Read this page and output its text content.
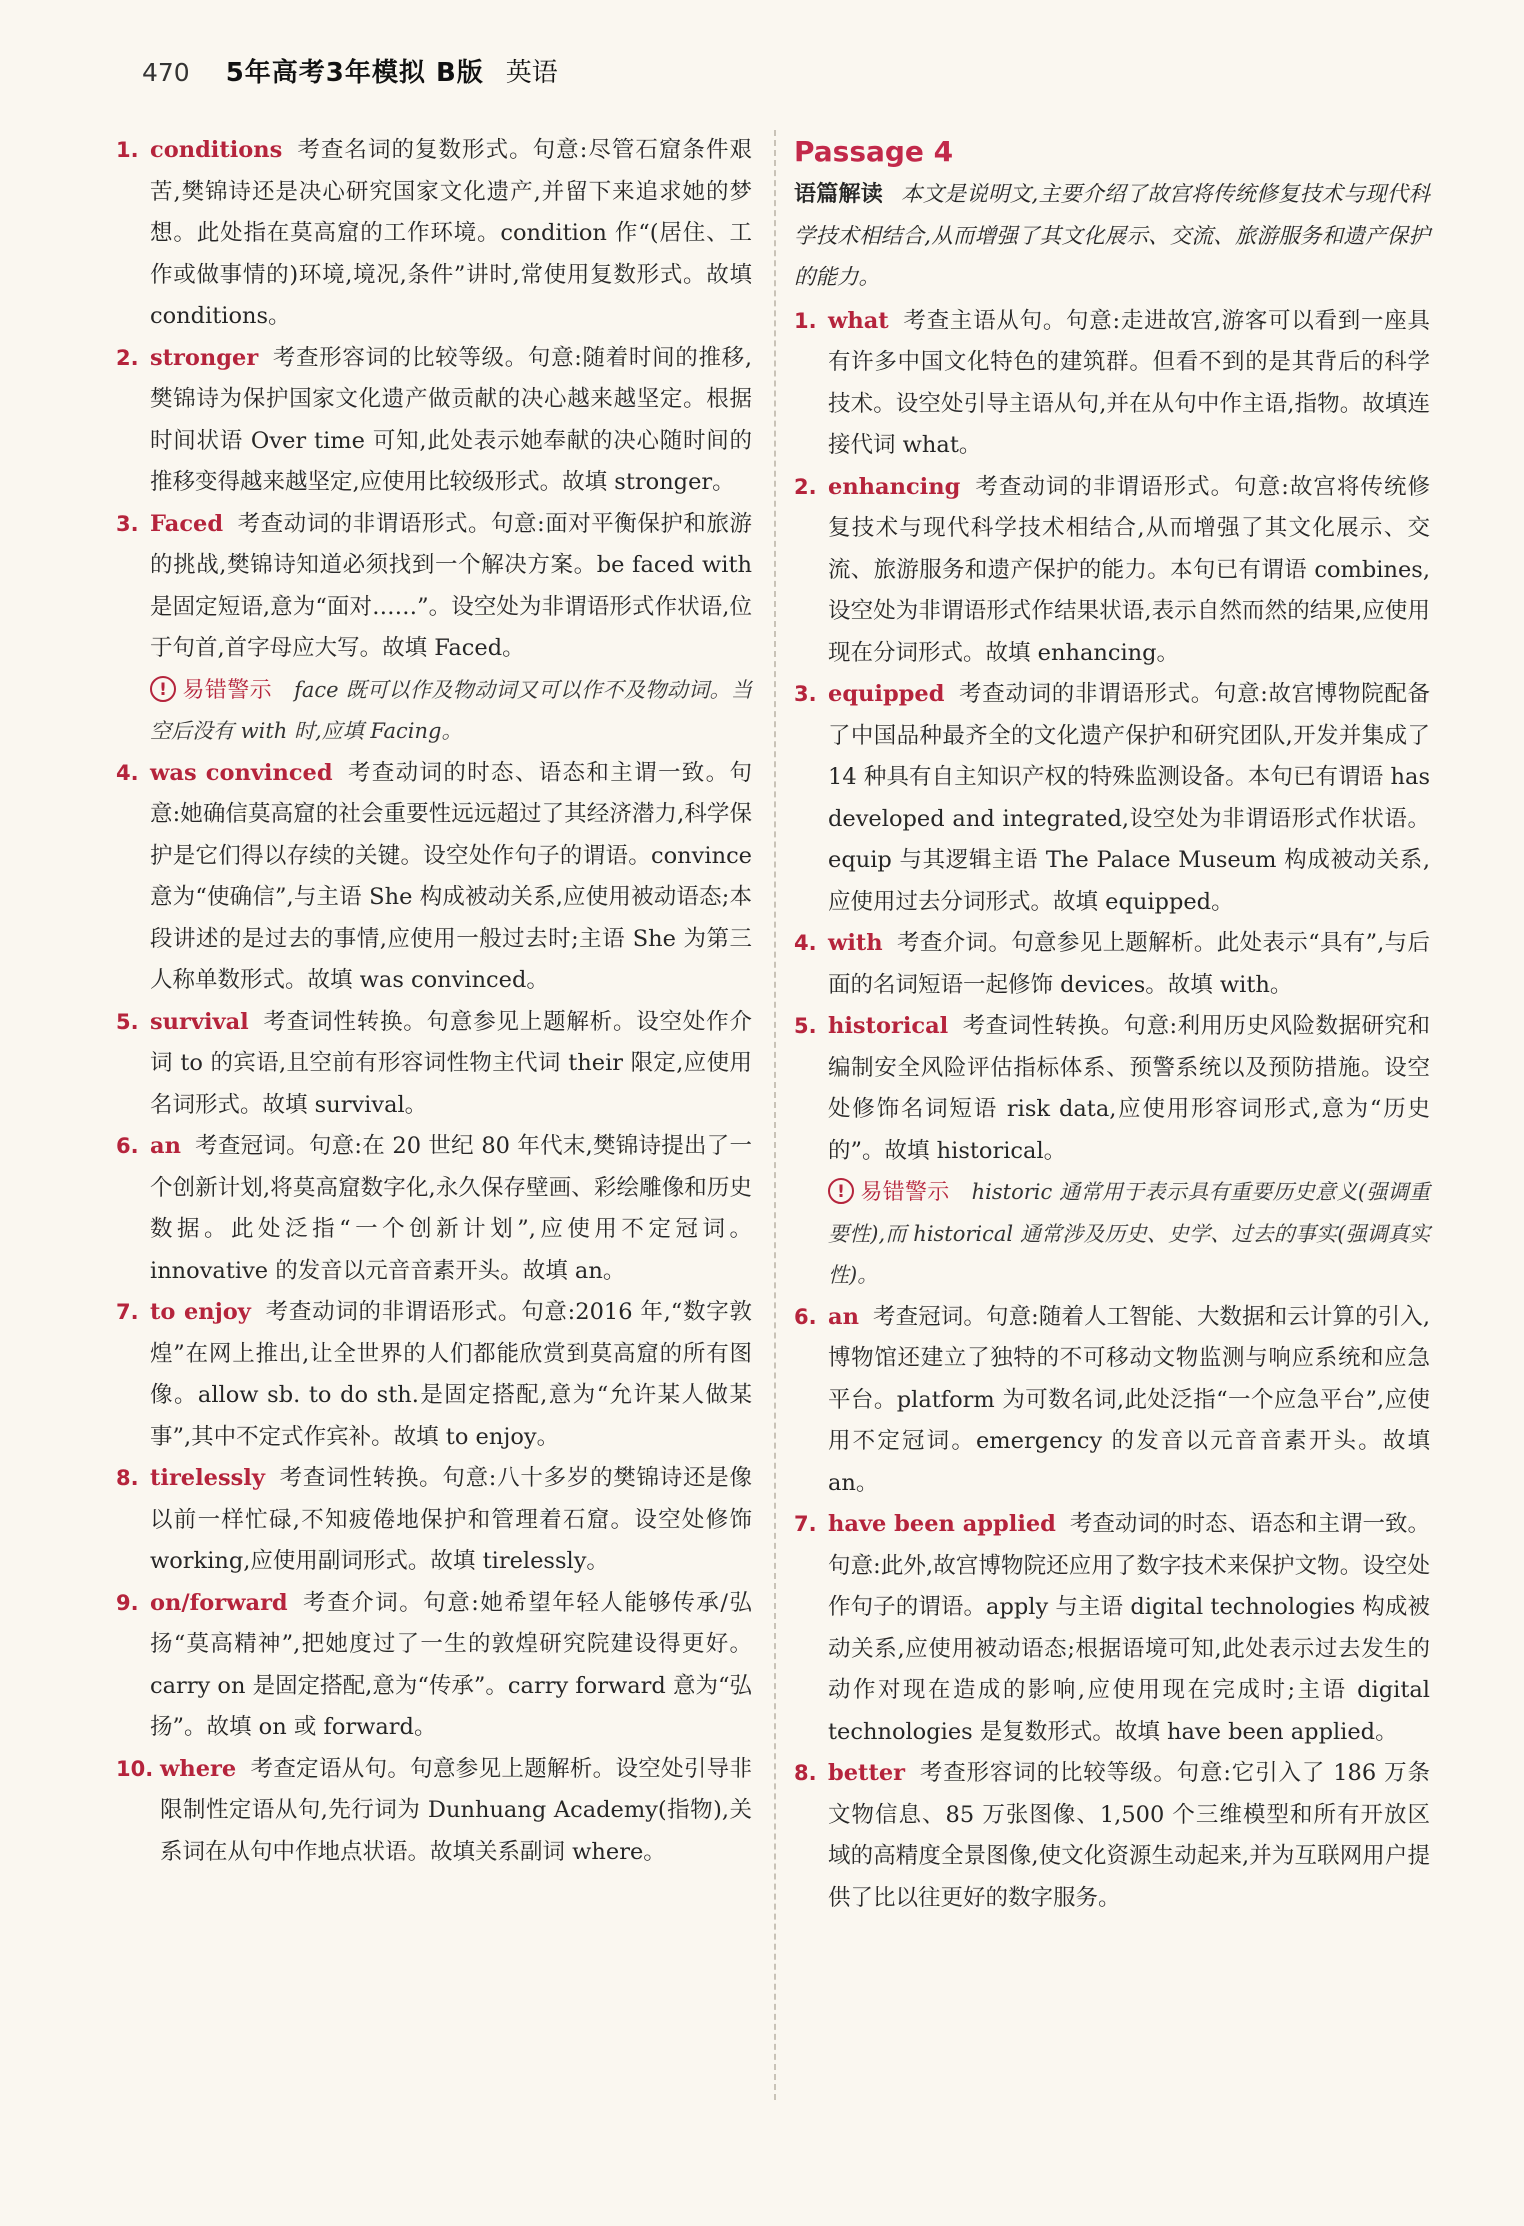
470 5年高考3年模拟 B版 英语

1. conditions 考查名词的复数形式。句意:尽管石窟条件艰苦,樊锦诗还是决心研究国家文化遗产,并留下来追求她的梦想。此处指在莫高窟的工作环境。condition 作“(居住、工作或做事情的)环境,境况,条件”讲时,常使用复数形式。故填 conditions。

2. stronger 考查形容词的比较等级。句意:随着时间的推移,樊锦诗为保护国家文化遗产做贡献的决心越来越坚定。根据时间状语 Over time 可知,此处表示她奉献的决心随时间的推移变得越来越坚定,应使用比较级形式。故填 stronger。

3. Faced 考查动词的非谓语形式。句意:面对平衡保护和旅游的挑战,樊锦诗知道必须找到一个解决方案。be faced with 是固定短语,意为“面对……”。设空处为非谓语形式作状语,位于句首,首字母应大写。故填 Faced。

! 易错警示 face 既可以作及物动词又可以作不及物动词。当空后没有 with 时,应填 Facing。

4. was convinced 考查动词的时态、语态和主谓一致。句意:她确信莫高窟的社会重要性远远超过了其经济潜力,科学保护是它们得以存续的关键。设空处作句子的谓语。convince 意为“使确信”,与主语 She 构成被动关系,应使用被动语态;本段讲述的是过去的事情,应使用一般过去时;主语 She 为第三人称单数形式。故填 was convinced。

5. survival 考查词性转换。句意参见上题解析。设空处作介词 to 的宾语,且空前有形容词性物主代词 their 限定,应使用名词形式。故填 survival。

6. an 考查冠词。句意:在 20 世纪 80 年代末,樊锦诗提出了一个创新计划,将莫高窟数字化,永久保存壁画、彩绘雕像和历史数据。此处泛指“一个创新计划”,应使用不定冠词。innovative 的发音以元音音素开头。故填 an。

7. to enjoy 考查动词的非谓语形式。句意:2016 年,“数字敦煌”在网上推出,让全世界的人们都能欣赏到莫高窟的所有图像。allow sb. to do sth.是固定搭配,意为“允许某人做某事”,其中不定式作宾补。故填 to enjoy。

8. tirelessly 考查词性转换。句意:八十多岁的樊锦诗还是像以前一样忙碌,不知疲倦地保护和管理着石窟。设空处修饰 working,应使用副词形式。故填 tirelessly。

9. on/forward 考查介词。句意:她希望年轻人能够传承/弘扬“莫高精神”,把她度过了一生的敦煌研究院建设得更好。carry on 是固定搭配,意为“传承”。carry forward 意为“弘扬”。故填 on 或 forward。

10. where 考查定语从句。句意参见上题解析。设空处引导非限制性定语从句,先行词为 Dunhuang Academy(指物),关系词在从句中作地点状语。故填关系副词 where。

Passage 4

语篇解读 本文是说明文,主要介绍了故宫将传统修复技术与现代科学技术相结合,从而增强了其文化展示、交流、旅游服务和遗产保护的能力。

1. what 考查主语从句。句意:走进故宫,游客可以看到一座具有许多中国文化特色的建筑群。但看不到的是其背后的科学技术。设空处引导主语从句,并在从句中作主语,指物。故填连接代词 what。

2. enhancing 考查动词的非谓语形式。句意:故宫将传统修复技术与现代科学技术相结合,从而增强了其文化展示、交流、旅游服务和遗产保护的能力。本句已有谓语 combines,设空处为非谓语形式作结果状语,表示自然而然的结果,应使用现在分词形式。故填 enhancing。

3. equipped 考查动词的非谓语形式。句意:故宫博物院配备了中国品种最齐全的文化遗产保护和研究团队,开发并集成了 14 种具有自主知识产权的特殊监测设备。本句已有谓语 has developed and integrated,设空处为非谓语形式作状语。equip 与其逻辑主语 The Palace Museum 构成被动关系,应使用过去分词形式。故填 equipped。

4. with 考查介词。句意参见上题解析。此处表示“具有”,与后面的名词短语一起修饰 devices。故填 with。

5. historical 考查词性转换。句意:利用历史风险数据研究和编制安全风险评估指标体系、预警系统以及预防措施。设空处修饰名词短语 risk data,应使用形容词形式,意为“历史的”。故填 historical。

! 易错警示 historic 通常用于表示具有重要历史意义(强调重要性),而 historical 通常涉及历史、史学、过去的事实(强调真实性)。

6. an 考查冠词。句意:随着人工智能、大数据和云计算的引入,博物馆还建立了独特的不可移动文物监测与响应系统和应急平台。platform 为可数名词,此处泛指“一个应急平台”,应使用不定冠词。emergency 的发音以元音音素开头。故填 an。

7. have been applied 考查动词的时态、语态和主谓一致。句意:此外,故宫博物院还应用了数字技术来保护文物。设空处作句子的谓语。apply 与主语 digital technologies 构成被动关系,应使用被动语态;根据语境可知,此处表示过去发生的动作对现在造成的影响,应使用现在完成时;主语 digital technologies 是复数形式。故填 have been applied。

8. better 考查形容词的比较等级。句意:它引入了 186 万条文物信息、85 万张图像、1,500 个三维模型和所有开放区域的高精度全景图像,使文化资源生动起来,并为互联网用户提供了比以往更好的数字服务。
